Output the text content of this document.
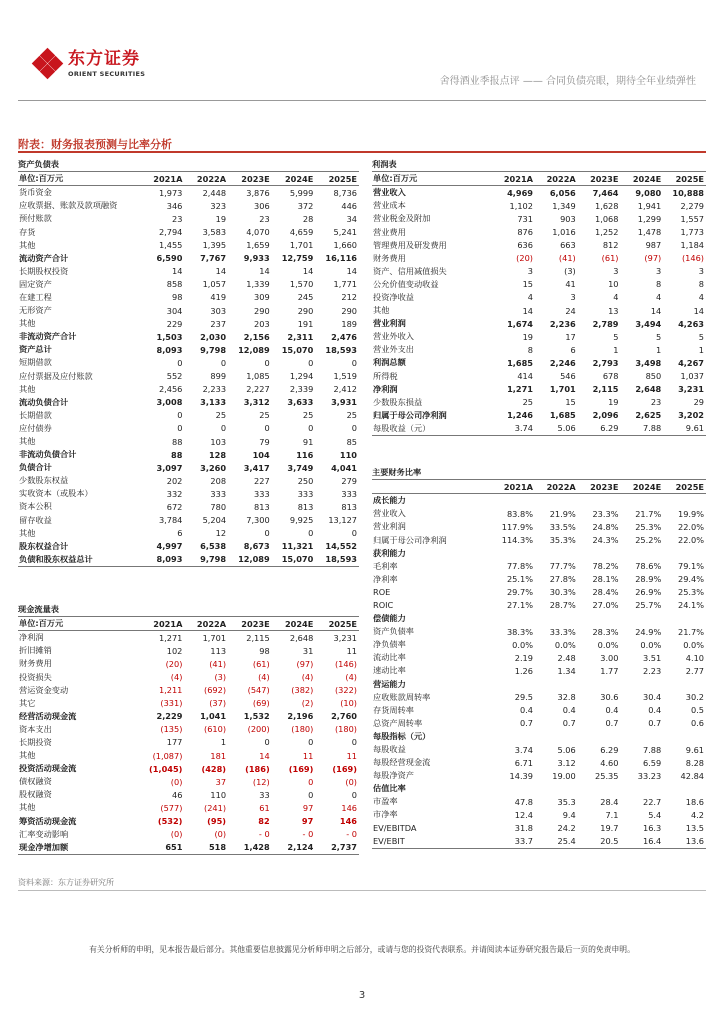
东方证券
ORIENT SECURITIES
舍得酒业季报点评 —— 合同负债亮眼，期待全年业绩弹性
附表：财务报表预测与比率分析
资产负债表
单位:百万元	2021A	2022A	2023E	2024E	2025E
货币资金	1,973	2,448	3,876	5,999	8,736
应收票据、账款及款项融资	346	323	306	372	446
预付账款	23	19	23	28	34
存货	2,794	3,583	4,070	4,659	5,241
其他	1,455	1,395	1,659	1,701	1,660
流动资产合计	6,590	7,767	9,933	12,759	16,116
长期股权投资	14	14	14	14	14
固定资产	858	1,057	1,339	1,570	1,771
在建工程	98	419	309	245	212
无形资产	304	303	290	290	290
其他	229	237	203	191	189
非流动资产合计	1,503	2,030	2,156	2,311	2,476
资产总计	8,093	9,798	12,089	15,070	18,593
短期借款	0	0	0	0	0
应付票据及应付账款	552	899	1,085	1,294	1,519
其他	2,456	2,233	2,227	2,339	2,412
流动负债合计	3,008	3,133	3,312	3,633	3,931
长期借款	0	25	25	25	25
应付债券	0	0	0	0	0
其他	88	103	79	91	85
非流动负债合计	88	128	104	116	110
负债合计	3,097	3,260	3,417	3,749	4,041
少数股东权益	202	208	227	250	279
实收资本（或股本）	332	333	333	333	333
资本公积	672	780	813	813	813
留存收益	3,784	5,204	7,300	9,925	13,127
其他	6	12	0	0	0
股东权益合计	4,997	6,538	8,673	11,321	14,552
负债和股东权益总计	8,093	9,798	12,089	15,070	18,593
利润表
单位:百万元	2021A	2022A	2023E	2024E	2025E
营业收入	4,969	6,056	7,464	9,080	10,888
营业成本	1,102	1,349	1,628	1,941	2,279
营业税金及附加	731	903	1,068	1,299	1,557
营业费用	876	1,016	1,252	1,478	1,773
管理费用及研发费用	636	663	812	987	1,184
财务费用	(20)	(41)	(61)	(97)	(146)
资产、信用减值损失	3	(3)	3	3	3
公允价值变动收益	15	41	10	8	8
投资净收益	4	3	4	4	4
其他	14	24	13	14	14
营业利润	1,674	2,236	2,789	3,494	4,263
营业外收入	19	17	5	5	5
营业外支出	8	6	1	1	1
利润总额	1,685	2,246	2,793	3,498	4,267
所得税	414	546	678	850	1,037
净利润	1,271	1,701	2,115	2,648	3,231
少数股东损益	25	15	19	23	29
归属于母公司净利润	1,246	1,685	2,096	2,625	3,202
每股收益（元）	3.74	5.06	6.29	7.88	9.61
现金流量表
单位:百万元	2021A	2022A	2023E	2024E	2025E
净利润	1,271	1,701	2,115	2,648	3,231
折旧摊销	102	113	98	31	11
财务费用	(20)	(41)	(61)	(97)	(146)
投资损失	(4)	(3)	(4)	(4)	(4)
营运资金变动	1,211	(692)	(547)	(382)	(322)
其它	(331)	(37)	(69)	(2)	(10)
经营活动现金流	2,229	1,041	1,532	2,196	2,760
资本支出	(135)	(610)	(200)	(180)	(180)
长期投资	177	1	0	0	0
其他	(1,087)	181	14	11	11
投资活动现金流	(1,045)	(428)	(186)	(169)	(169)
债权融资	(0)	37	(12)	0	(0)
股权融资	46	110	33	0	0
其他	(577)	(241)	61	97	146
筹资活动现金流	(532)	(95)	82	97	146
汇率变动影响	(0)	(0)	- 0	- 0	- 0
现金净增加额	651	518	1,428	2,124	2,737
主要财务比率
	2021A	2022A	2023E	2024E	2025E
成长能力					
营业收入	83.8%	21.9%	23.3%	21.7%	19.9%
营业利润	117.9%	33.5%	24.8%	25.3%	22.0%
归属于母公司净利润	114.3%	35.3%	24.3%	25.2%	22.0%
获利能力					
毛利率	77.8%	77.7%	78.2%	78.6%	79.1%
净利率	25.1%	27.8%	28.1%	28.9%	29.4%
ROE	29.7%	30.3%	28.4%	26.9%	25.3%
ROIC	27.1%	28.7%	27.0%	25.7%	24.1%
偿债能力					
资产负债率	38.3%	33.3%	28.3%	24.9%	21.7%
净负债率	0.0%	0.0%	0.0%	0.0%	0.0%
流动比率	2.19	2.48	3.00	3.51	4.10
速动比率	1.26	1.34	1.77	2.23	2.77
营运能力					
应收账款周转率	29.5	32.8	30.6	30.4	30.2
存货周转率	0.4	0.4	0.4	0.4	0.5
总资产周转率	0.7	0.7	0.7	0.7	0.6
每股指标（元）					
每股收益	3.74	5.06	6.29	7.88	9.61
每股经营现金流	6.71	3.12	4.60	6.59	8.28
每股净资产	14.39	19.00	25.35	33.23	42.84
估值比率					
市盈率	47.8	35.3	28.4	22.7	18.6
市净率	12.4	9.4	7.1	5.4	4.2
EV/EBITDA	31.8	24.2	19.7	16.3	13.5
EV/EBIT	33.7	25.4	20.5	16.4	13.6
资料来源：东方证券研究所
有关分析师的申明，见本报告最后部分。其他重要信息披露见分析师申明之后部分，或请与您的投资代表联系。并请阅读本证券研究报告最后一页的免责申明。
3
